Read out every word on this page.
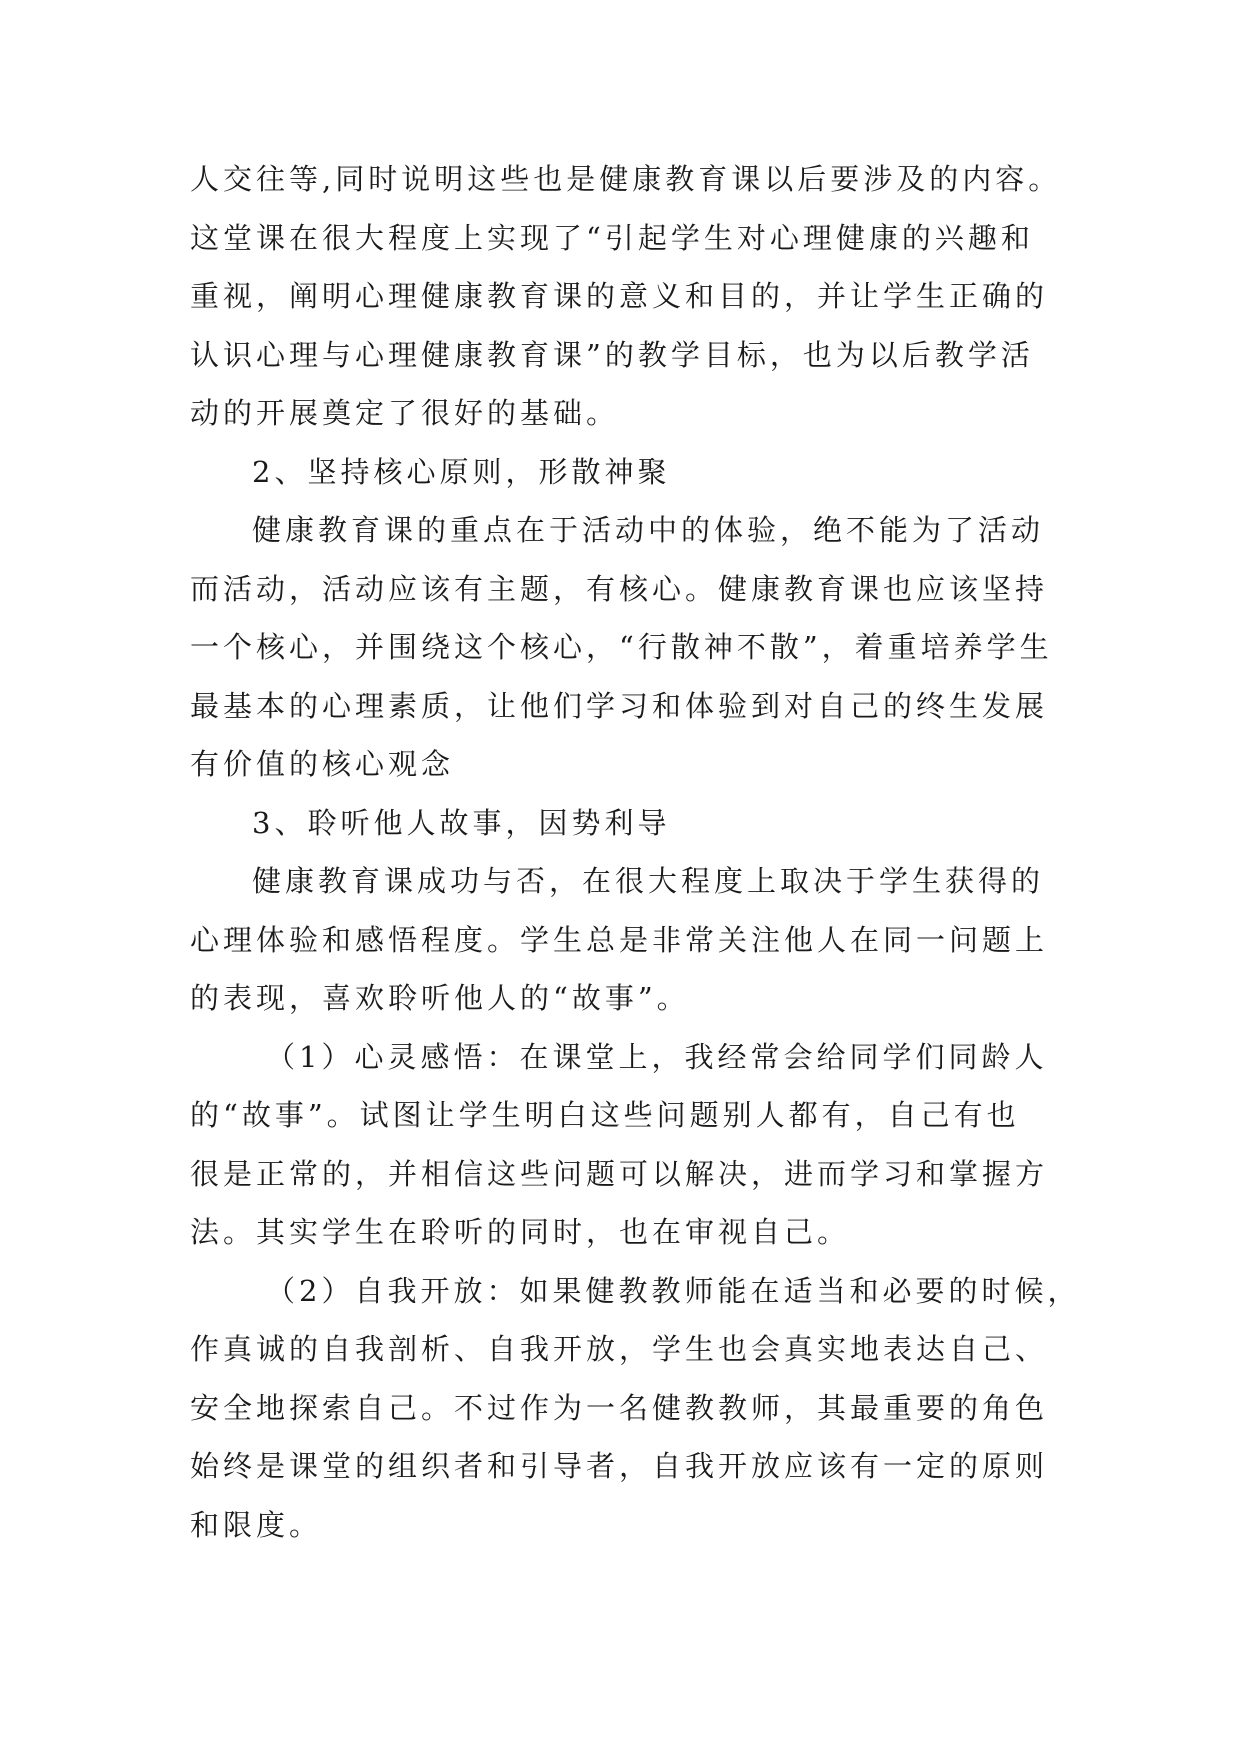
人交往等,同时说明这些也是健康教育课以后要涉及的内容。
这堂课在很大程度上实现了“引起学生对心理健康的兴趣和
重视，阐明心理健康教育课的意义和目的，并让学生正确的
认识心理与心理健康教育课”的教学目标，也为以后教学活
动的开展奠定了很好的基础。
2、坚持核心原则，形散神聚
健康教育课的重点在于活动中的体验，绝不能为了活动
而活动，活动应该有主题，有核心。健康教育课也应该坚持
一个核心，并围绕这个核心，“行散神不散”，着重培养学生
最基本的心理素质，让他们学习和体验到对自己的终生发展
有价值的核心观念
3、聆听他人故事，因势利导
健康教育课成功与否，在很大程度上取决于学生获得的
心理体验和感悟程度。学生总是非常关注他人在同一问题上
的表现，喜欢聆听他人的“故事”。
（1）心灵感悟：在课堂上，我经常会给同学们同龄人
的“故事”。试图让学生明白这些问题别人都有，自己有也
很是正常的，并相信这些问题可以解决，进而学习和掌握方
法。其实学生在聆听的同时，也在审视自己。
（2）自我开放：如果健教教师能在适当和必要的时候，
作真诚的自我剖析、自我开放，学生也会真实地表达自己、
安全地探索自己。不过作为一名健教教师，其最重要的角色
始终是课堂的组织者和引导者，自我开放应该有一定的原则
和限度。
